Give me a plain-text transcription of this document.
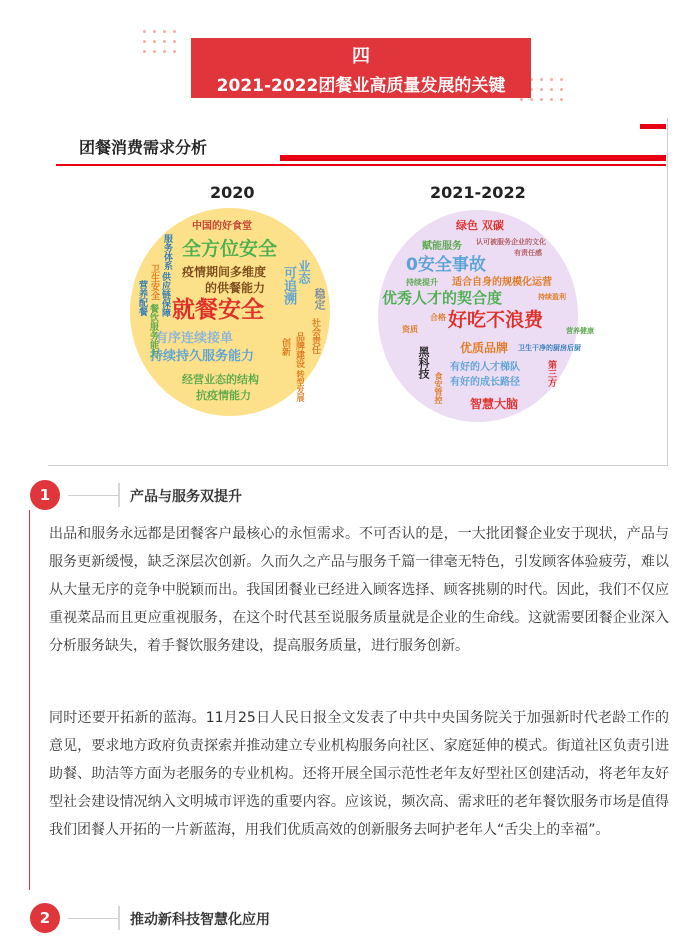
四
2021-2022团餐业高质量发展的关键
团餐消费需求分析
2020	2021-2022
中国的好食堂
全方位安全
疫情期间多维度
的供餐能力
就餐安全
有序连续接单
持续持久服务能力
经营业态的结构
抗疫情能力
服务体系
卫生安全
营养配餐 供应链保障
餐饮服务能力
可追溯 业态
稳定
创新 品牌建设 社会责任
转型发展
绿色 双碳
赋能服务 认可被服务企业的文化
有责任感
0安全事故
持续提升 适合自身的规模化运营
优秀人才的契合度	持续盈利
合格
资质 好吃不浪费	营养健康
优质品牌 卫生干净的厨房后厨
黑科技 有好的人才梯队
有好的成长路径
食安管控	第三方
智慧大脑
1	产品与服务双提升

出品和服务永远都是团餐客户最核心的永恒需求。不可否认的是，一大批团餐企业安于现状，产品与服务更新缓慢，缺乏深层次创新。久而久之产品与服务千篇一律毫无特色，引发顾客体验疲劳，难以从大量无序的竞争中脱颖而出。我国团餐业已经进入顾客选择、顾客挑剔的时代。因此，我们不仅应重视菜品而且更应重视服务，在这个时代甚至说服务质量就是企业的生命线。这就需要团餐企业深入分析服务缺失，着手餐饮服务建设，提高服务质量，进行服务创新。

同时还要开拓新的蓝海。11月25日人民日报全文发表了中共中央国务院关于加强新时代老龄工作的意见，要求地方政府负责探索并推动建立专业机构服务向社区、家庭延伸的模式。街道社区负责引进助餐、助洁等方面为老服务的专业机构。还将开展全国示范性老年友好型社区创建活动，将老年友好型社会建设情况纳入文明城市评选的重要内容。应该说，频次高、需求旺的老年餐饮服务市场是值得我们团餐人开拓的一片新蓝海，用我们优质高效的创新服务去呵护老年人“舌尖上的幸福”。

2	推动新科技智慧化应用
